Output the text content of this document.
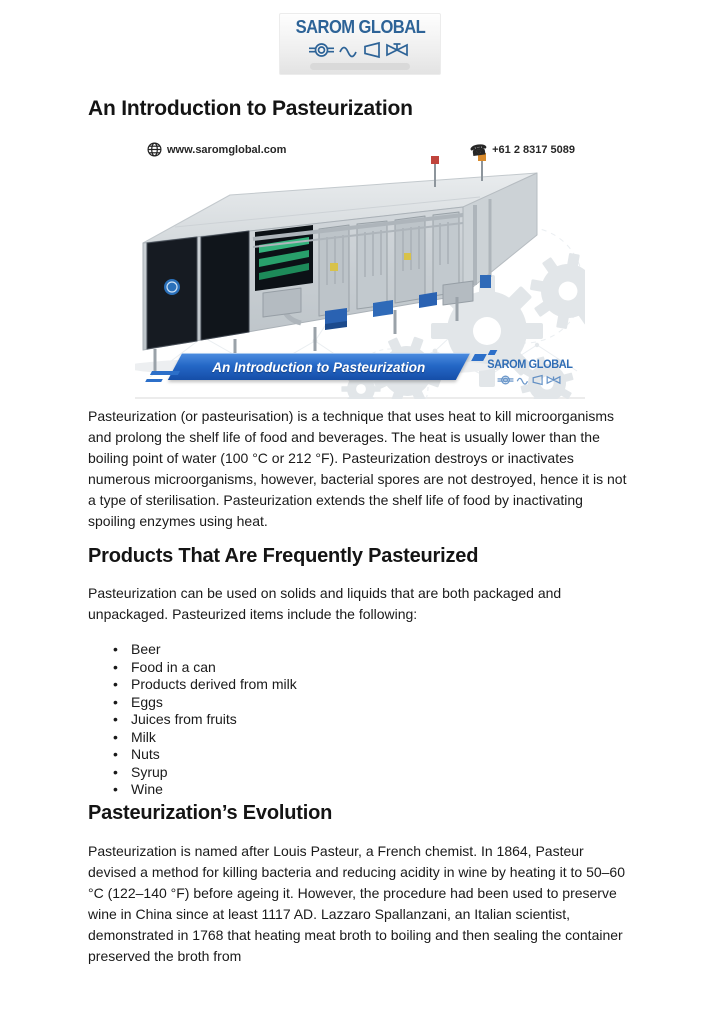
SAROM GLOBAL
An Introduction to Pasteurization
www.saromglobal.com	☎ +61 2 8317 5089
An Introduction to Pasteurization	SAROM GLOBAL

Pasteurization (or pasteurisation) is a technique that uses heat to kill microorganisms and prolong the shelf life of food and beverages. The heat is usually lower than the boiling point of water (100 °C or 212 °F). Pasteurization destroys or inactivates numerous microorganisms, however, bacterial spores are not destroyed, hence it is not a type of sterilisation. Pasteurization extends the shelf life of food by inactivating spoiling enzymes using heat.

Products That Are Frequently Pasteurized

Pasteurization can be used on solids and liquids that are both packaged and unpackaged. Pasteurized items include the following:

• Beer
• Food in a can
• Products derived from milk
• Eggs
• Juices from fruits
• Milk
• Nuts
• Syrup
• Wine
Pasteurization’s Evolution

Pasteurization is named after Louis Pasteur, a French chemist. In 1864, Pasteur devised a method for killing bacteria and reducing acidity in wine by heating it to 50–60 °C (122–140 °F) before ageing it. However, the procedure had been used to preserve wine in China since at least 1117 AD. Lazzaro Spallanzani, an Italian scientist, demonstrated in 1768 that heating meat broth to boiling and then sealing the container preserved the broth from
